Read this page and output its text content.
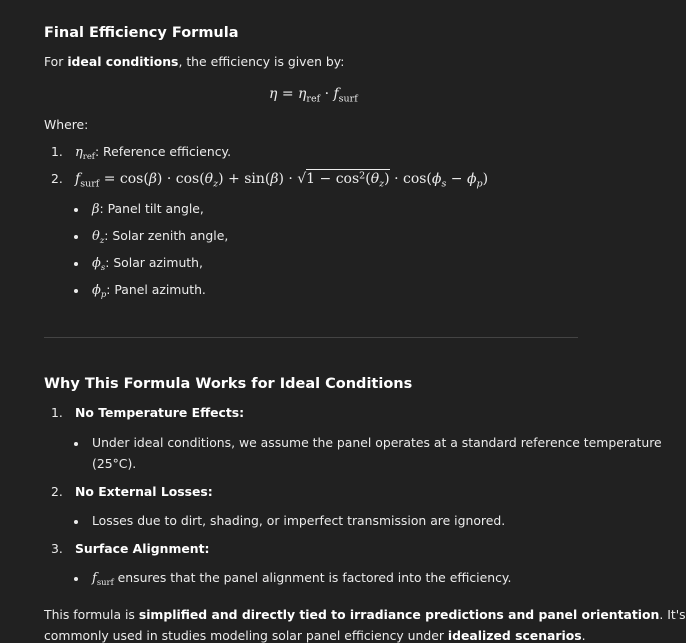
Final Efficiency Formula
For ideal conditions, the efficiency is given by:
$\eta = \eta_{ref} \cdot f_{surf}$
Where:
1. $\eta_{ref}$: Reference efficiency.
2. $f_{surf} = \cos(\beta) \cdot \cos(\theta_z) + \sin(\beta) \cdot √1 - \cos^2(\theta_z) \cdot \cos(\phi_s - \phi_p)$
β: Panel tilt angle,
$\theta_z$: Solar zenith angle,
$\phi_s$: Solar azimuth,
$\phi_p$: Panel azimuth.
Why This Formula Works for Ideal Conditions
1. No Temperature Effects:
Under ideal conditions, we assume the panel operates at a standard reference temperature
(25°C).
2. No External Losses:
Losses due to dirt, shading, or imperfect transmission are ignored.
3. Surface Alignment:
$f_{surf}$ ensures that the panel alignment is factored into the efficiency.
This formula is simplified and directly tied to irradiance predictions and panel orientation. It's
commonly used in studies modeling solar panel efficiency under idealized scenarios.
